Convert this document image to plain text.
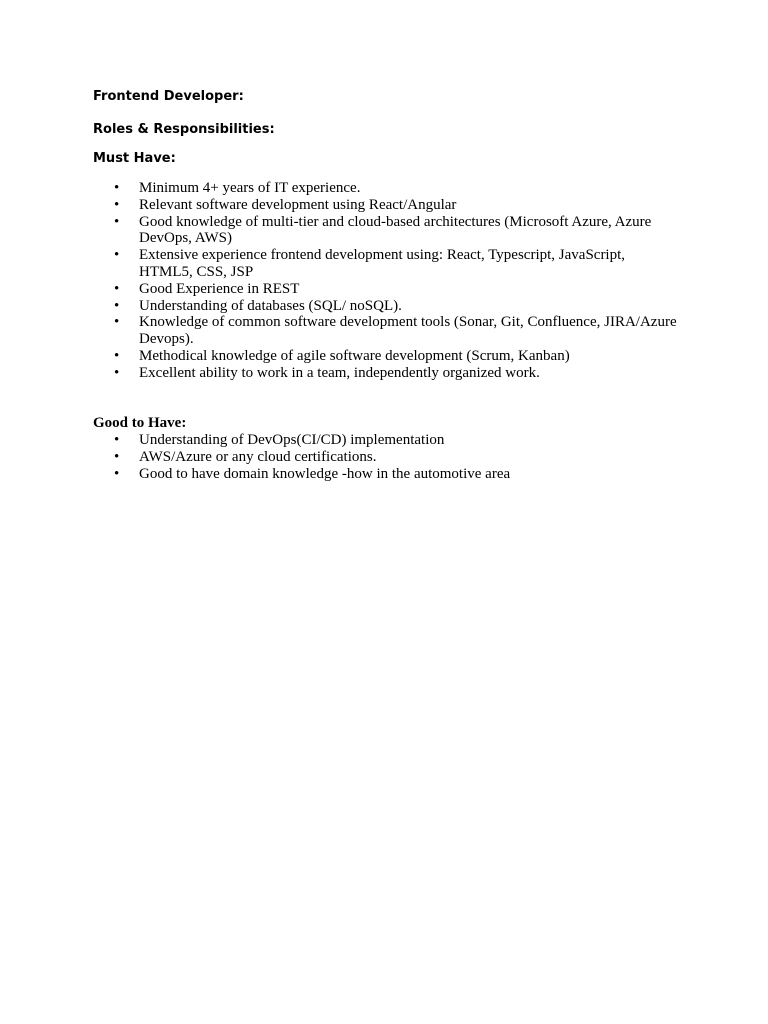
Frontend Developer:

Roles & Responsibilities:

Must Have:

• Minimum 4+ years of IT experience.
• Relevant software development using React/Angular
• Good knowledge of multi-tier and cloud-based architectures (Microsoft Azure, Azure DevOps, AWS)
• Extensive experience frontend development using: React, Typescript, JavaScript, HTML5, CSS, JSP
• Good Experience in REST
• Understanding of databases (SQL/ noSQL).
• Knowledge of common software development tools (Sonar, Git, Confluence, JIRA/Azure Devops).
• Methodical knowledge of agile software development (Scrum, Kanban)
• Excellent ability to work in a team, independently organized work.

Good to Have:

• Understanding of DevOps(CI/CD) implementation
• AWS/Azure or any cloud certifications.
• Good to have domain knowledge -how in the automotive area
